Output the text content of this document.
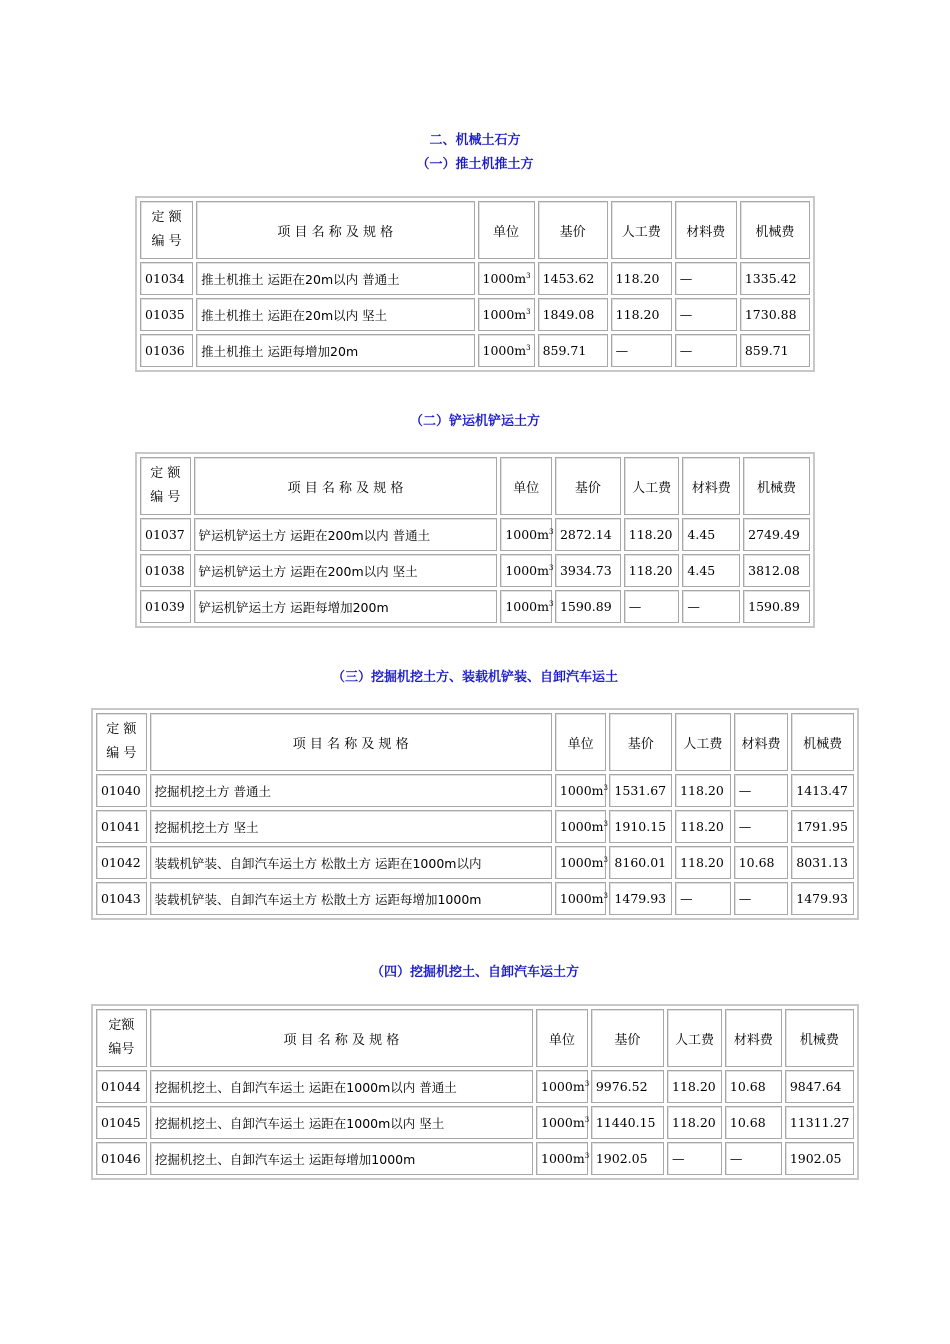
二、机械土石方
（一）推土机推土方
定 额
编 号	项 目 名 称 及 规 格	单位	基价	人工费	材料费	机械费
01034	推土机推土 运距在20m以内 普通土	$1000m^3$	1453.62	118.20	—	1335.42
01035	推土机推土 运距在20m以内 坚土	$1000m^3$	1849.08	118.20	—	1730.88
01036	推土机推土 运距每增加20m	$1000m^3$	859.71	—	—	859.71
（二）铲运机铲运土方
定 额
编 号	项 目 名 称 及 规 格	单位	基价	人工费	材料费	机械费
01037	铲运机铲运土方 运距在200m以内 普通土	$1000m^3$	2872.14	118.20	4.45	2749.49
01038	铲运机铲运土方 运距在200m以内 坚土	$1000m^3$	3934.73	118.20	4.45	3812.08
01039	铲运机铲运土方 运距每增加200m	$1000m^3$	1590.89	—	—	1590.89
（三）挖掘机挖土方、装载机铲装、自卸汽车运土
定 额
编 号	项 目 名 称 及 规 格	单位	基价	人工费	材料费	机械费
01040	挖掘机挖土方 普通土	$1000m^3$	1531.67	118.20	—	1413.47
01041	挖掘机挖土方 坚土	$1000m^3$	1910.15	118.20	—	1791.95
01042	装载机铲装、自卸汽车运土方 松散土方 运距在1000m以内	$1000m^3$	8160.01	118.20	10.68	8031.13
01043	装载机铲装、自卸汽车运土方 松散土方 运距每增加1000m	$1000m^3$	1479.93	—	—	1479.93
（四）挖掘机挖土、自卸汽车运土方
定额
编号	项 目 名 称 及 规 格	单位	基价	人工费	材料费	机械费
01044	挖掘机挖土、自卸汽车运土 运距在1000m以内 普通土	$1000m^3$	9976.52	118.20	10.68	9847.64
01045	挖掘机挖土、自卸汽车运土 运距在1000m以内 坚土	$1000m^3$	11440.15	118.20	10.68	11311.27
01046	挖掘机挖土、自卸汽车运土 运距每增加1000m	$1000m^3$	1902.05	—	—	1902.05
